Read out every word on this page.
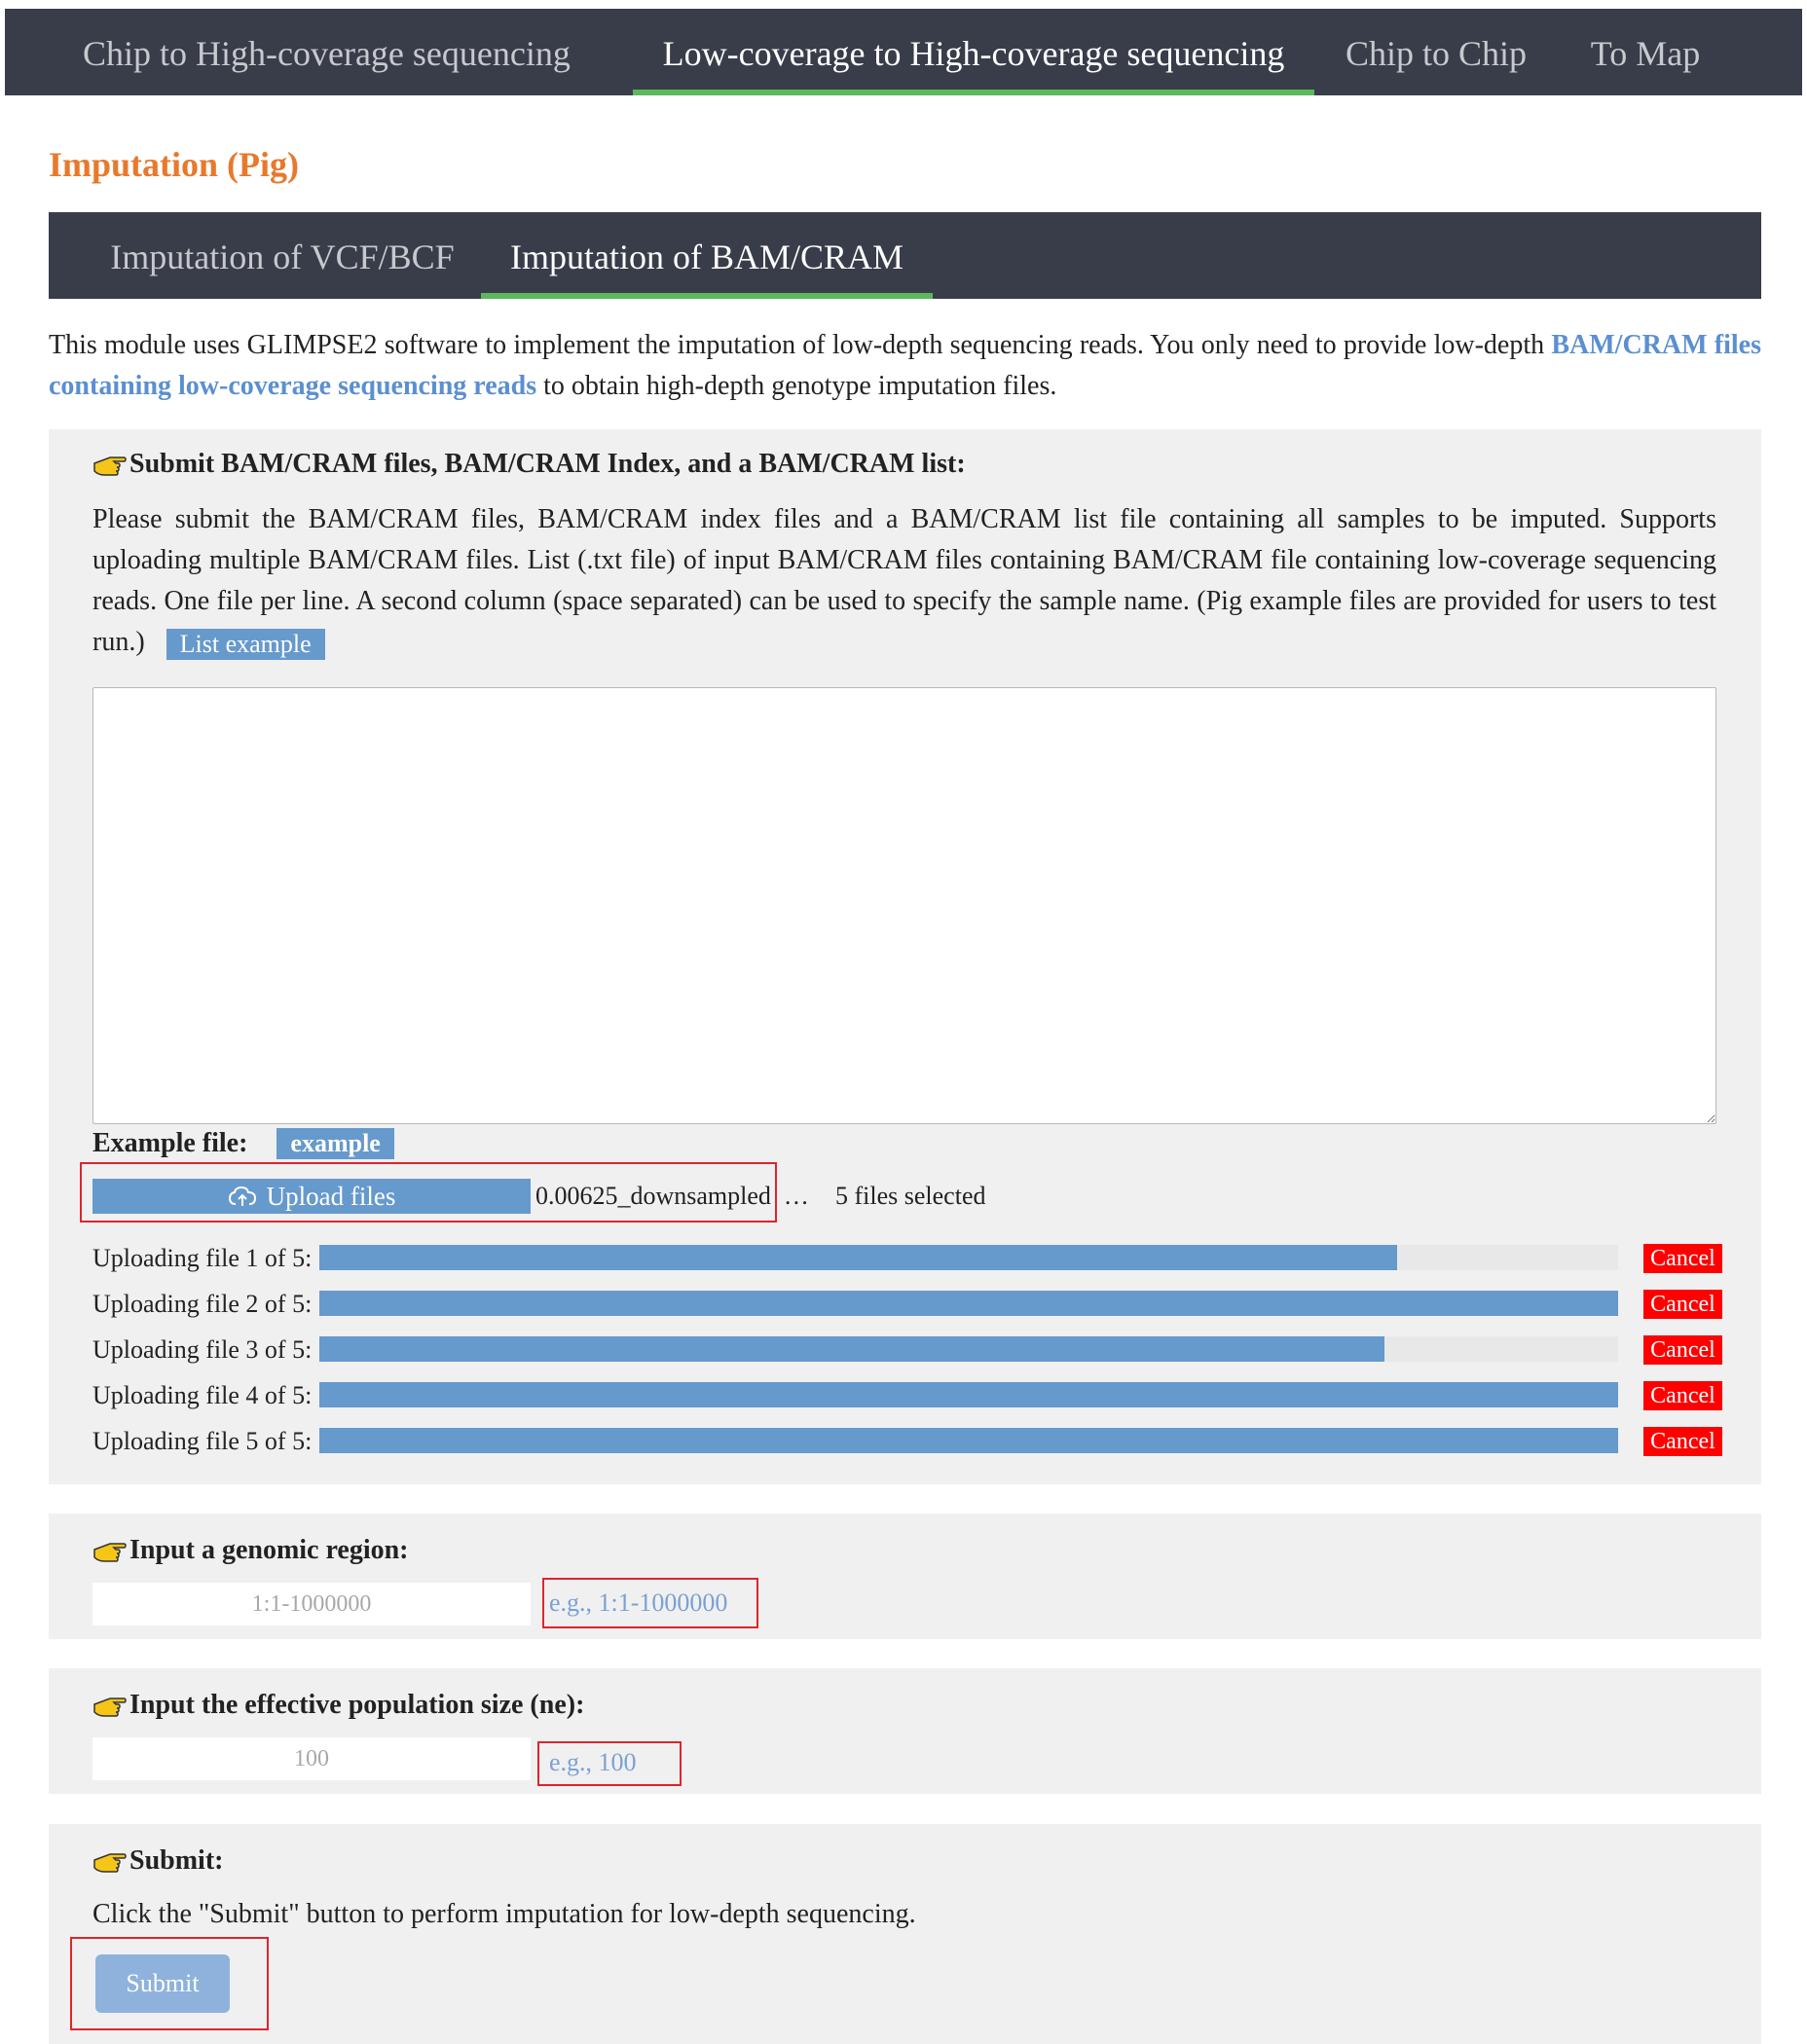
Chip to High-coverage sequencing	Low-coverage to High-coverage sequencing	Chip to Chip	To Map
Imputation (Pig)
Imputation of VCF/BCF	Imputation of BAM/CRAM
This module uses GLIMPSE2 software to implement the imputation of low-depth sequencing reads. You only need to provide low-depth BAM/CRAM files containing low-coverage sequencing reads to obtain high-depth genotype imputation files.
Submit BAM/CRAM files, BAM/CRAM Index, and a BAM/CRAM list:
Please submit the BAM/CRAM files, BAM/CRAM index files and a BAM/CRAM list file containing all samples to be imputed. Supports uploading multiple BAM/CRAM files. List (.txt file) of input BAM/CRAM files containing BAM/CRAM file containing low-coverage sequencing reads. One file per line. A second column (space separated) can be used to specify the sample name. (Pig example files are provided for users to test run.) List example
Example file:	example
Upload files	0.00625_downsampled … 5 files selected
Uploading file 1 of 5:	Cancel
Uploading file 2 of 5:	Cancel
Uploading file 3 of 5:	Cancel
Uploading file 4 of 5:	Cancel
Uploading file 5 of 5:	Cancel
Input a genomic region:
1:1-1000000
e.g., 1:1-1000000
Input the effective population size (ne):
100
e.g., 100
Submit:
Click the "Submit" button to perform imputation for low-depth sequencing.
Submit
